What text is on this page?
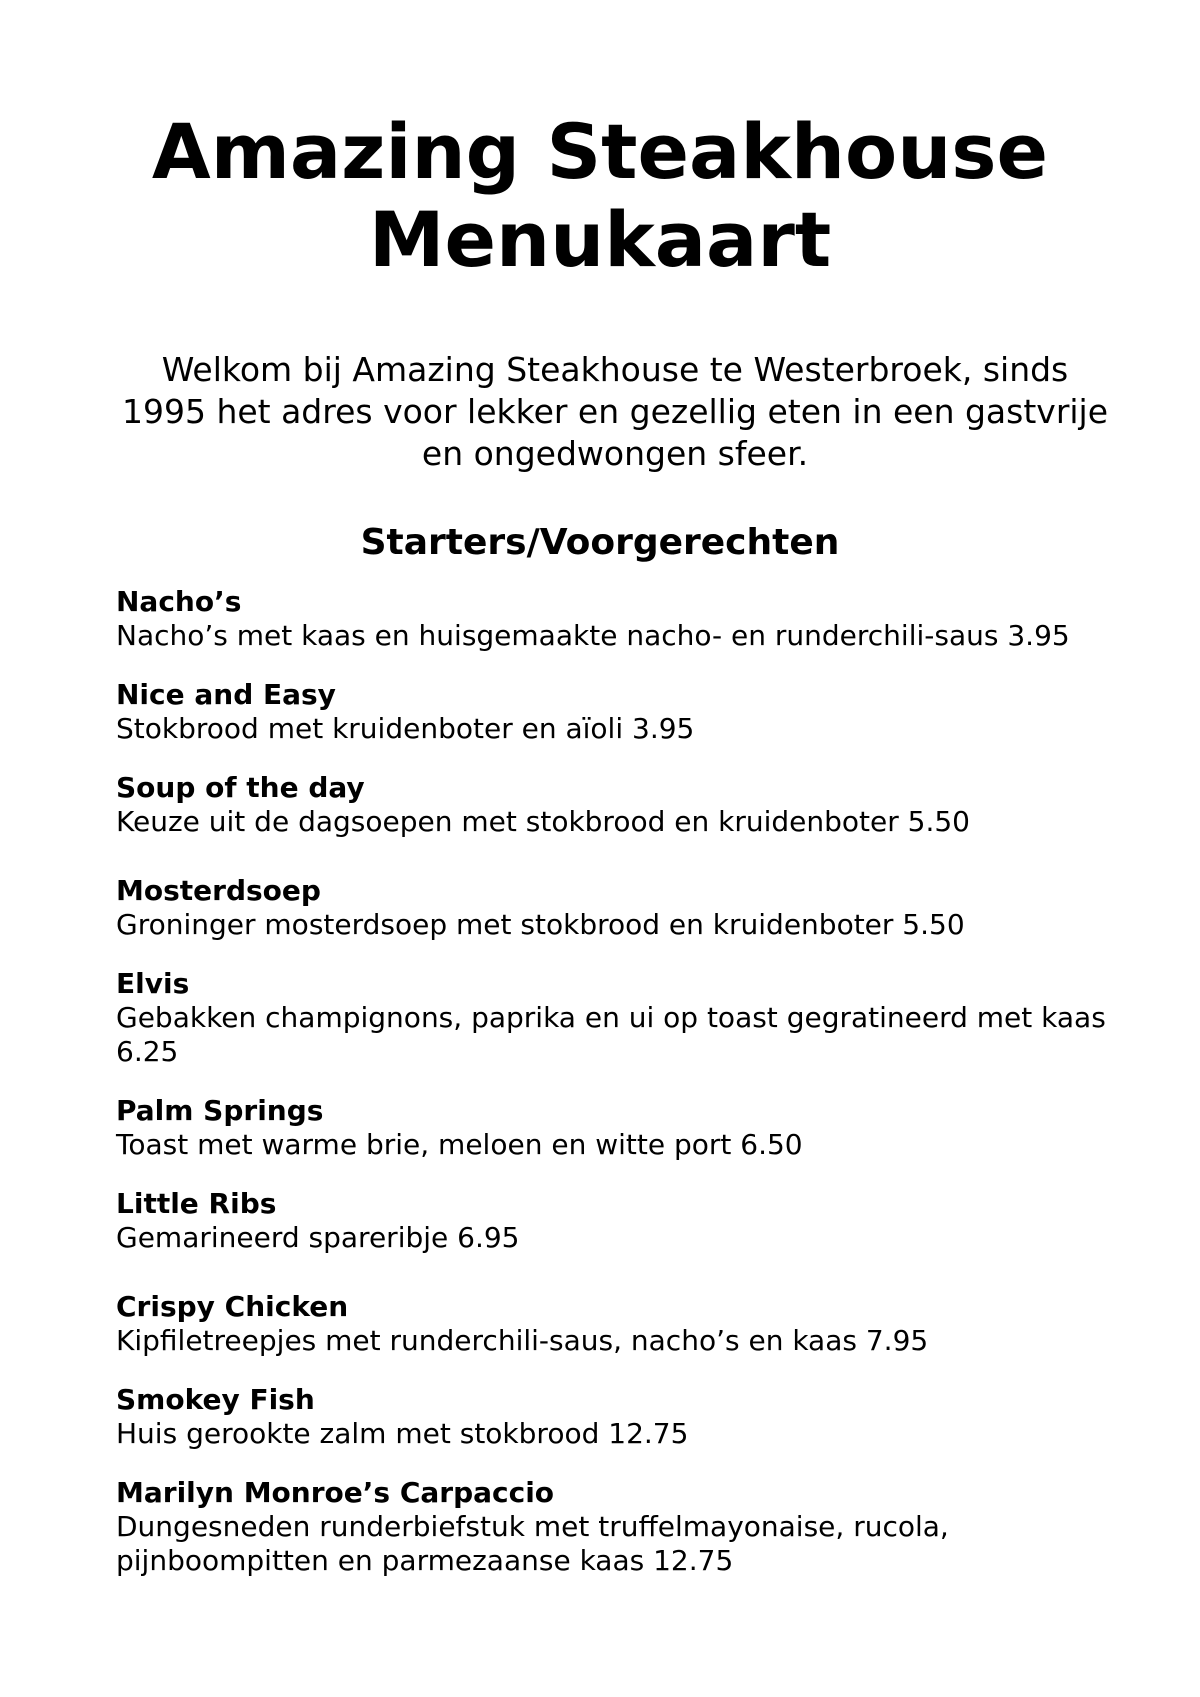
Amazing Steakhouse
Menukaart

Welkom bij Amazing Steakhouse te Westerbroek, sinds 1995 het adres voor lekker en gezellig eten in een gastvrije en ongedwongen sfeer.

Starters/Voorgerechten
Nacho’s
Nacho’s met kaas en huisgemaakte nacho- en runderchili-saus 3.95
Nice and Easy
Stokbrood met kruidenboter en aïoli 3.95
Soup of the day
Keuze uit de dagsoepen met stokbrood en kruidenboter 5.50
Mosterdsoep
Groninger mosterdsoep met stokbrood en kruidenboter 5.50
Elvis
Gebakken champignons, paprika en ui op toast gegratineerd met kaas 6.25
Palm Springs
Toast met warme brie, meloen en witte port 6.50
Little Ribs
Gemarineerd spareribje 6.95
Crispy Chicken
Kipfiletreepjes met runderchili-saus, nacho’s en kaas 7.95
Smokey Fish
Huis gerookte zalm met stokbrood 12.75
Marilyn Monroe’s Carpaccio
Dungesneden runderbiefstuk met truffelmayonaise, rucola, pijnboompitten en parmezaanse kaas 12.75
